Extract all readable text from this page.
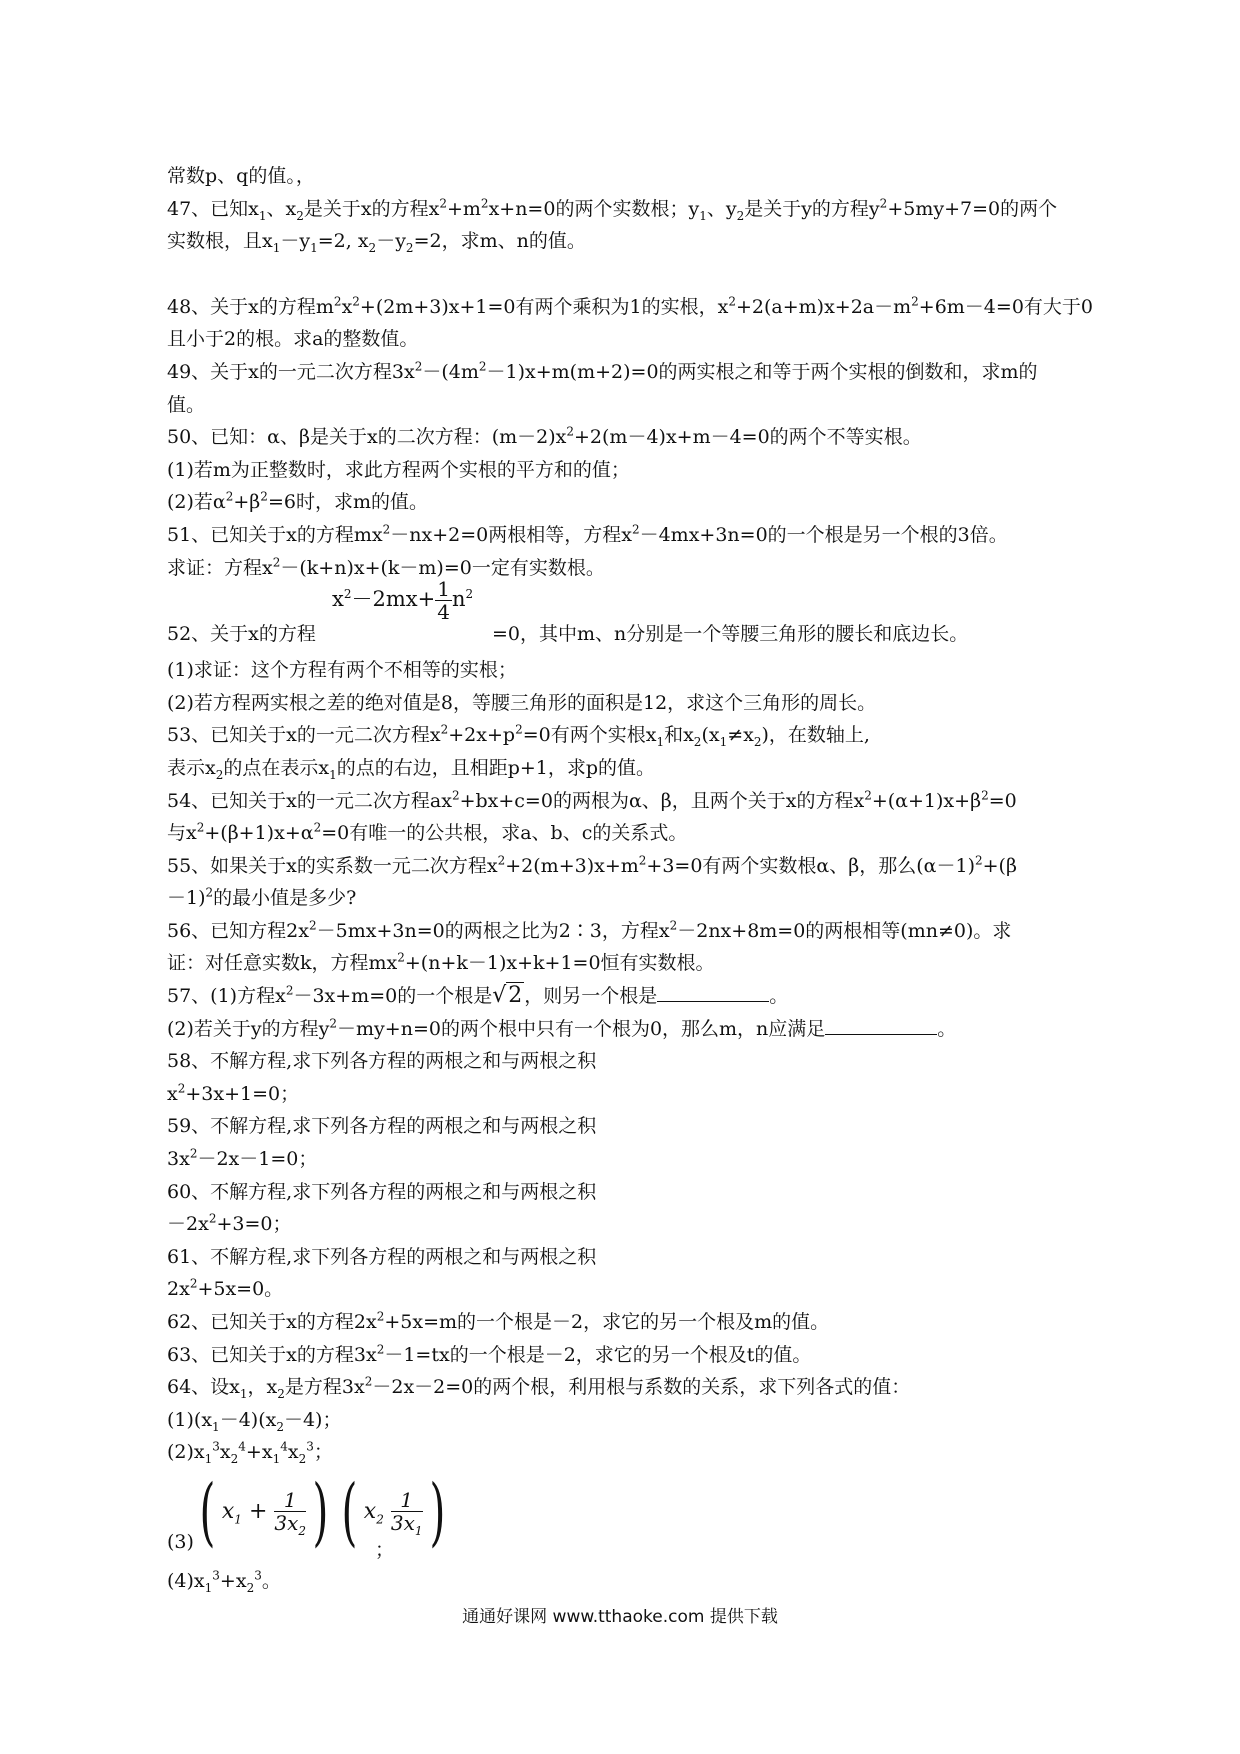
常数p、q的值。，
47、已知$x_1$、$x_2$是关于x的方程$x^2+m^2x+n=0$的两个实数根；$y_1$、$y_2$是关于y的方程$y^2+5my+7=0$的两个
实数根，且$x_1-y_1=2$, $x_2-y_2=2$，求m、n的值。
48、关于x的方程$m^2x^2+(2m+3)x+1=0$有两个乘积为1的实根，$x^2+2(a+m)x+2a-m^2+6m-4=0$有大于0
且小于2的根。求a的整数值。
49、关于x的一元二次方程$3x^2-(4m^2-1)x+m(m+2)=0$的两实根之和等于两个实根的倒数和，求m的
值。
50、已知：α、β是关于x的二次方程：$(m-2)x^2+2(m-4)x+m-4=0$的两个不等实根。
(1)若m为正整数时，求此方程两个实根的平方和的值；
(2)若$\alpha^2+\beta^2=6$时，求m的值。
51、已知关于x的方程$mx^2-nx+2=0$两根相等，方程$x^2-4mx+3n=0$的一个根是另一个根的3倍。
求证：方程$x^2-(k+n)x+(k-m)=0$一定有实数根。
$x^2-2mx+ \frac{1}{4} n^2$
52、关于x的方程	=0，其中m、n分别是一个等腰三角形的腰长和底边长。
(1)求证：这个方程有两个不相等的实根；
(2)若方程两实根之差的绝对值是8，等腰三角形的面积是12，求这个三角形的周长。
53、已知关于x的一元二次方程$x^2+2x+p^2=0$有两个实根$x_1$和$x_2(x_1\ne x_2)$，在数轴上,
表示$x_2$的点在表示$x_1$的点的右边，且相距p+1，求p的值。
54、已知关于x的一元二次方程$ax^2+bx+c=0$的两根为α、β，且两个关于x的方程$x^2+(\alpha+1)x+\beta^2=0$
与$x^2+(\beta+1)x+\alpha^2=0$有唯一的公共根，求a、b、c的关系式。
55、如果关于x的实系数一元二次方程$x^2+2(m+3)x+m^2+3=0$有两个实数根α、β，那么$(\alpha-1)^2+(\beta$
－1)$^2$的最小值是多少?
56、已知方程$2x^2-5mx+3n=0$的两根之比为2∶3，方程$x^2-2nx+8m=0$的两根相等(mn≠0)。求
证：对任意实数k，方程$mx^2+(n+k-1)x+k+1=0$恒有实数根。
57、(1)方程$x^2-3x+m=0$的一个根是√2 ，则另一个根是	。
(2)若关于y的方程$y^2-my+n=0$的两个根中只有一个根为0，那么m，n应满足	。
58、不解方程,求下列各方程的两根之和与两根之积
$x^2+3x+1=0$；
59、不解方程,求下列各方程的两根之和与两根之积
$3x^2-2x-1=0$；
60、不解方程,求下列各方程的两根之和与两根之积
$-2x^2+3=0$；
61、不解方程,求下列各方程的两根之和与两根之积
$2x^2+5x=0$。
62、已知关于x的方程$2x^2+5x=m$的一个根是－2，求它的另一个根及m的值。
63、已知关于x的方程$3x^2-1=tx$的一个根是－2，求它的另一个根及t的值。
64、设$x_1$，$x_2$是方程$3x^2-2x-2=0$的两个根，利用根与系数的关系，求下列各式的值：
$(1)(x_1-4)(x_2-4)$；
$(2)x_1^3x_2^4+x_1^4x_2^3$；
(3) ( $x_1 + \frac{1}{3x_2}$ ) ( $x_2 \frac{1}{3x_1}$ )
；
$(4)x_1^3+x_2^3$。
通通好课网 www.tthaoke.com 提供下载
